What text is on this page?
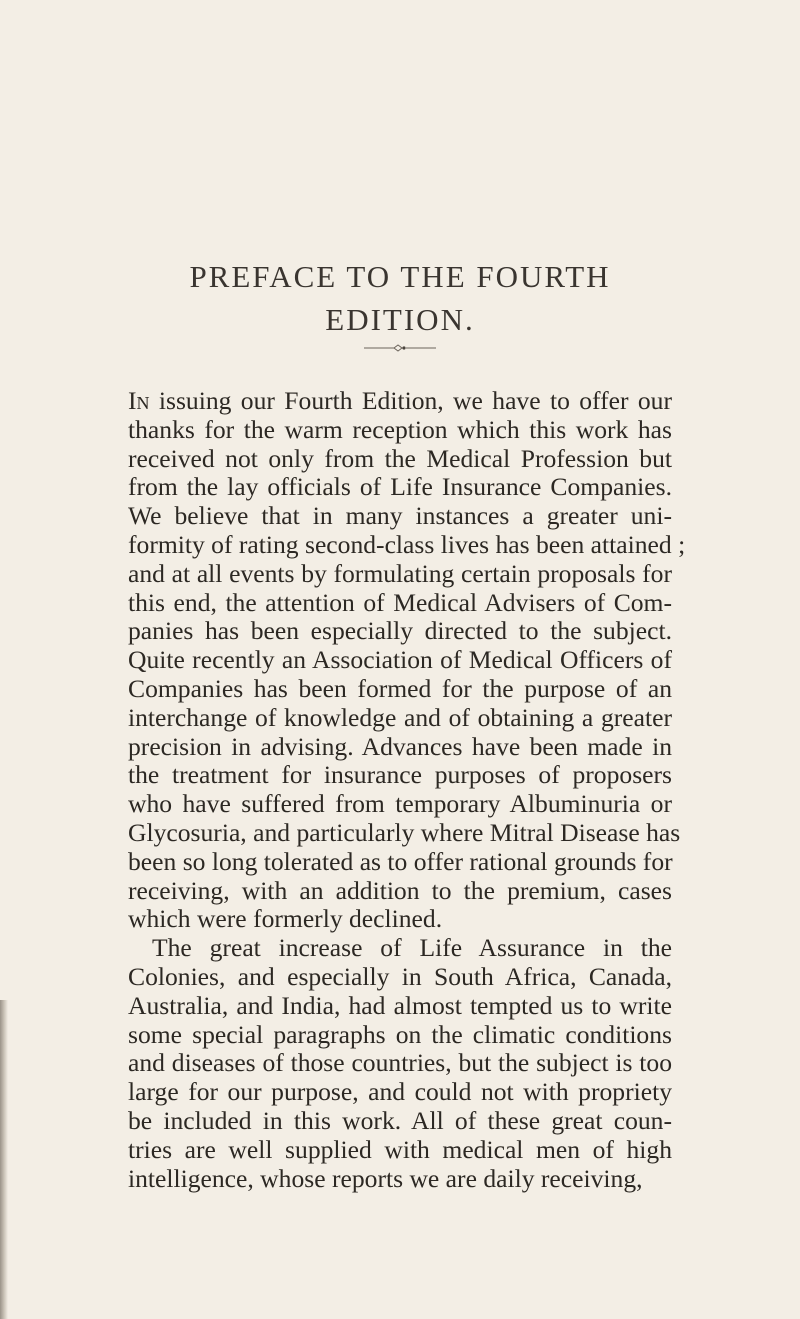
PREFACE TO THE FOURTH
EDITION.
In issuing our Fourth Edition, we have to offer our
thanks for the warm reception which this work has
received not only from the Medical Profession but
from the lay officials of Life Insurance Companies.
We believe that in many instances a greater uni-
formity of rating second-class lives has been attained ;
and at all events by formulating certain proposals for
this end, the attention of Medical Advisers of Com-
panies has been especially directed to the subject.
Quite recently an Association of Medical Officers of
Companies has been formed for the purpose of an
interchange of knowledge and of obtaining a greater
precision in advising. Advances have been made in
the treatment for insurance purposes of proposers
who have suffered from temporary Albuminuria or
Glycosuria, and particularly where Mitral Disease has
been so long tolerated as to offer rational grounds for
receiving, with an addition to the premium, cases
which were formerly declined.
The great increase of Life Assurance in the
Colonies, and especially in South Africa, Canada,
Australia, and India, had almost tempted us to write
some special paragraphs on the climatic conditions
and diseases of those countries, but the subject is too
large for our purpose, and could not with propriety
be included in this work. All of these great coun-
tries are well supplied with medical men of high
intelligence, whose reports we are daily receiving,
